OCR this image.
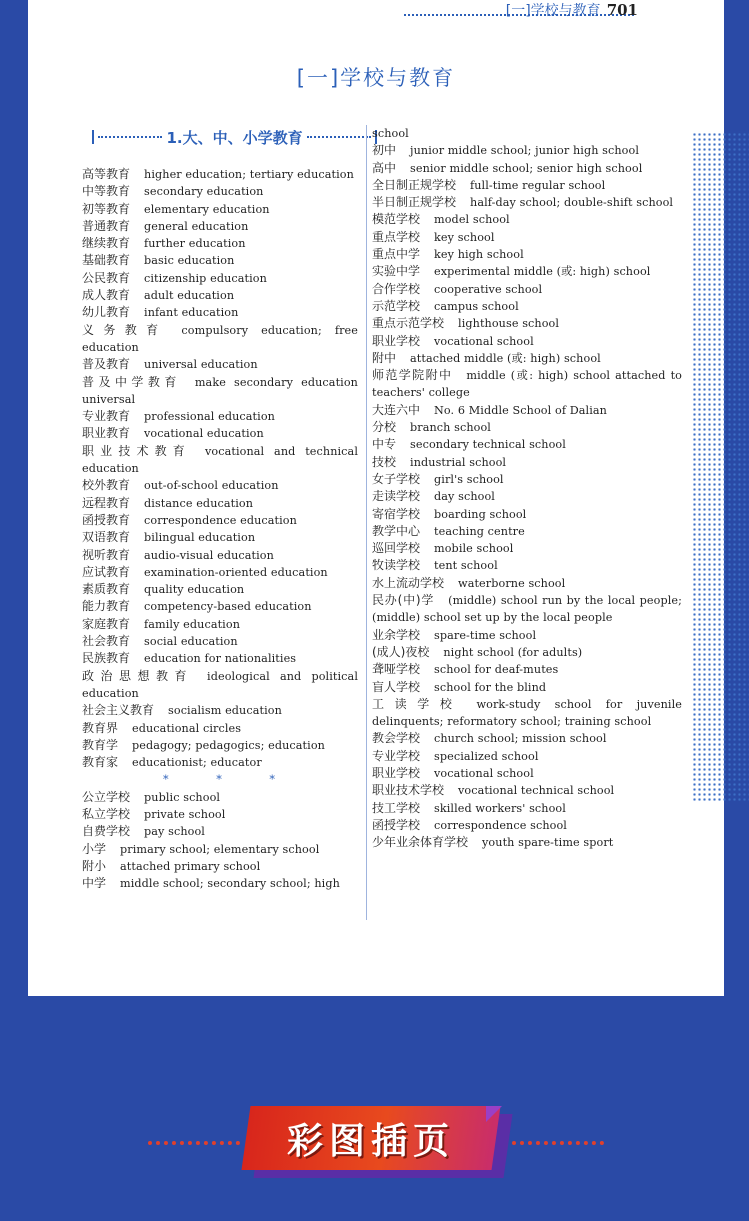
[一]学校与教育 701
[一]学校与教育
1.大、中、小学教育
高等教育 higher education; tertiary education
中等教育 secondary education
初等教育 elementary education
普通教育 general education
继续教育 further education
基础教育 basic education
公民教育 citizenship education
成人教育 adult education
幼儿教育 infant education
义务教育 compulsory education; free education
普及教育 universal education
普及中学教育 make secondary education universal
专业教育 professional education
职业教育 vocational education
职业技术教育 vocational and technical education
校外教育 out-of-school education
远程教育 distance education
函授教育 correspondence education
双语教育 bilingual education
视听教育 audio-visual education
应试教育 examination-oriented education
素质教育 quality education
能力教育 competency-based education
家庭教育 family education
社会教育 social education
民族教育 education for nationalities
政治思想教育 ideological and political education
社会主义教育 socialism education
教育界 educational circles
教育学 pedagogy; pedagogics; education
教育家 educationist; educator
* * *
公立学校 public school
私立学校 private school
自费学校 pay school
小学 primary school; elementary school
附小 attached primary school
中学 middle school; secondary school; high
school
初中 junior middle school; junior high school
高中 senior middle school; senior high school
全日制正规学校 full-time regular school
半日制正规学校 half-day school; double-shift school
模范学校 model school
重点学校 key school
重点中学 key high school
实验中学 experimental middle (或: high) school
合作学校 cooperative school
示范学校 campus school
重点示范学校 lighthouse school
职业学校 vocational school
附中 attached middle (或: high) school
师范学院附中 middle (或: high) school attached to teachers' college
大连六中 No. 6 Middle School of Dalian
分校 branch school
中专 secondary technical school
技校 industrial school
女子学校 girl's school
走读学校 day school
寄宿学校 boarding school
教学中心 teaching centre
巡回学校 mobile school
牧读学校 tent school
水上流动学校 waterborne school
民办(中)学 (middle) school run by the local people; (middle) school set up by the local people
业余学校 spare-time school
(成人)夜校 night school (for adults)
聋哑学校 school for deaf-mutes
盲人学校 school for the blind
工读学校 work-study school for juvenile delinquents; reformatory school; training school
教会学校 church school; mission school
专业学校 specialized school
职业学校 vocational school
职业技术学校 vocational technical school
技工学校 skilled workers' school
函授学校 correspondence school
少年业余体育学校 youth spare-time sport
彩图插页
